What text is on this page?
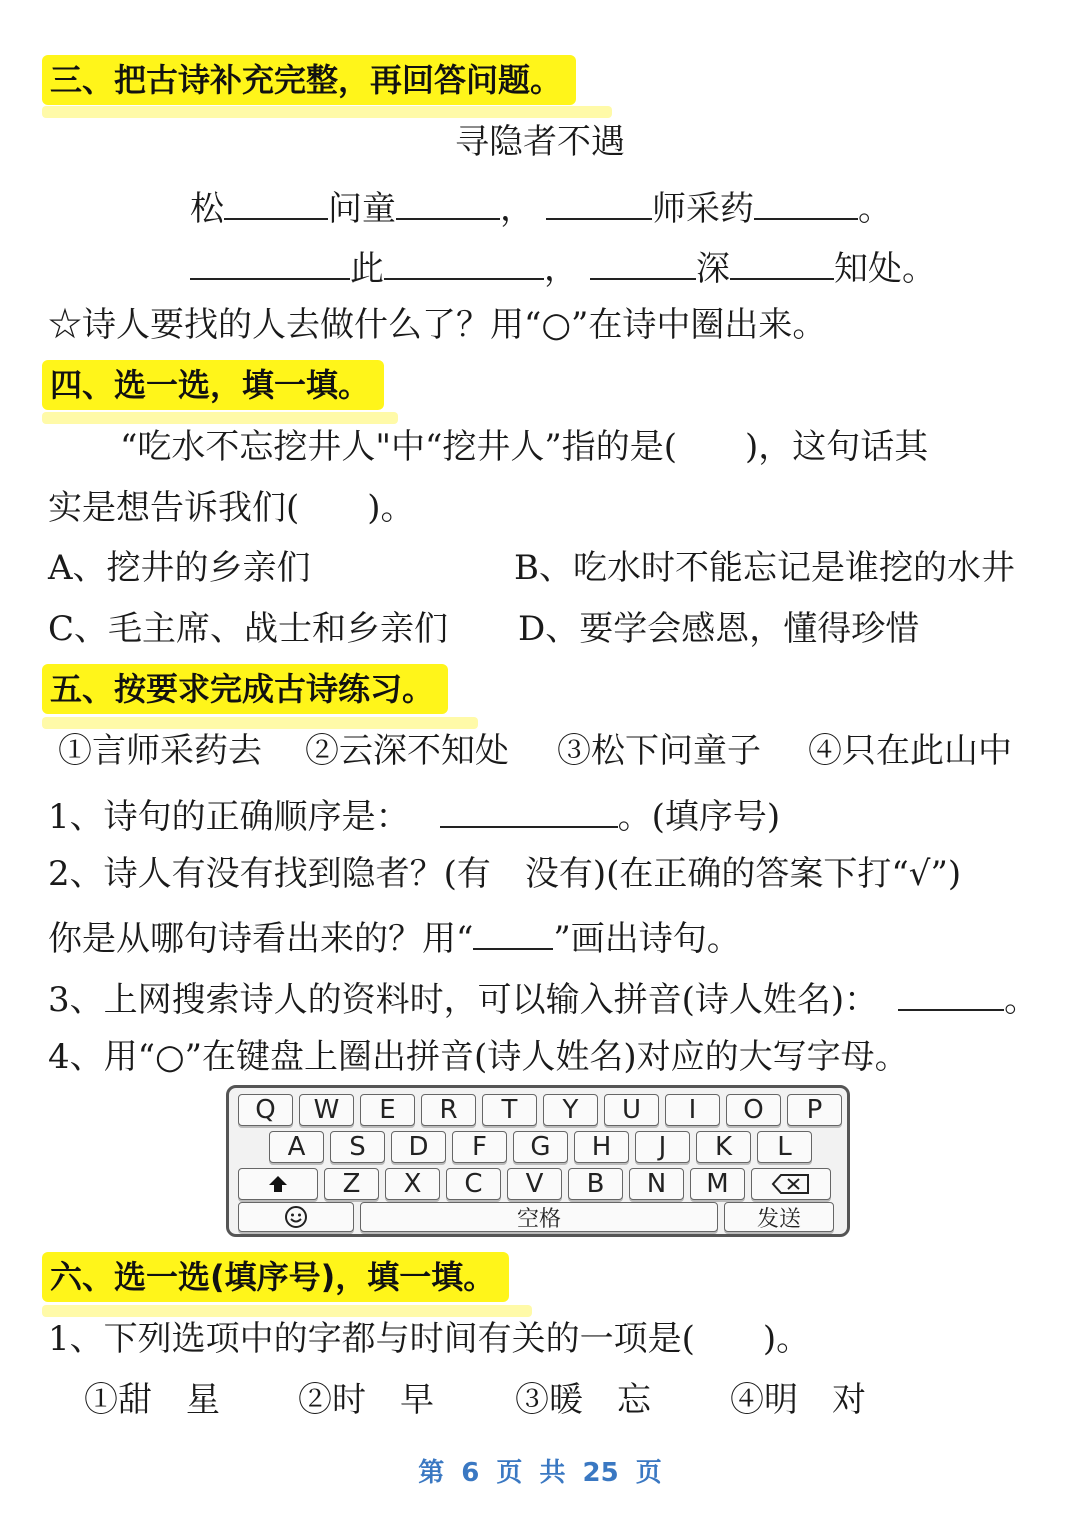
三、把古诗补充完整，再回答问题。
寻隐者不遇
松	问童	，	师采药	。
此	，	深	知处。
☆诗人要找的人去做什么了？用“○”在诗中圈出来。
四、选一选，填一填。
“吃水不忘挖井人"中“挖井人”指的是(　　)，这句话其
实是想告诉我们(　　)。
A、挖井的乡亲们	B、吃水时不能忘记是谁挖的水井
C、毛主席、战士和乡亲们 D、要学会感恩，懂得珍惜
五、按要求完成古诗练习。
①言师采药去 ②云深不知处 ③松下问童子 ④只在此山中
1、诗句的正确顺序是：	。(填序号)
2、诗人有没有找到隐者？(有　没有)(在正确的答案下打“√”)
你是从哪句诗看出来的？用“ ”画出诗句。
3、上网搜索诗人的资料时，可以输入拼音(诗人姓名)：	。
4、用“○”在键盘上圈出拼音(诗人姓名)对应的大写字母。
Q	W	E	R	T	Y	U	I	O	P
A	S	D	F	G	H	J	K	L
Z	X	C	V	B	N	M
空格	发送
六、选一选(填序号)，填一填。
1、下列选项中的字都与时间有关的一项是(　　)。
①甜　星 ②时　早 ③暖　忘 ④明　对
第 6 页 共 25 页
